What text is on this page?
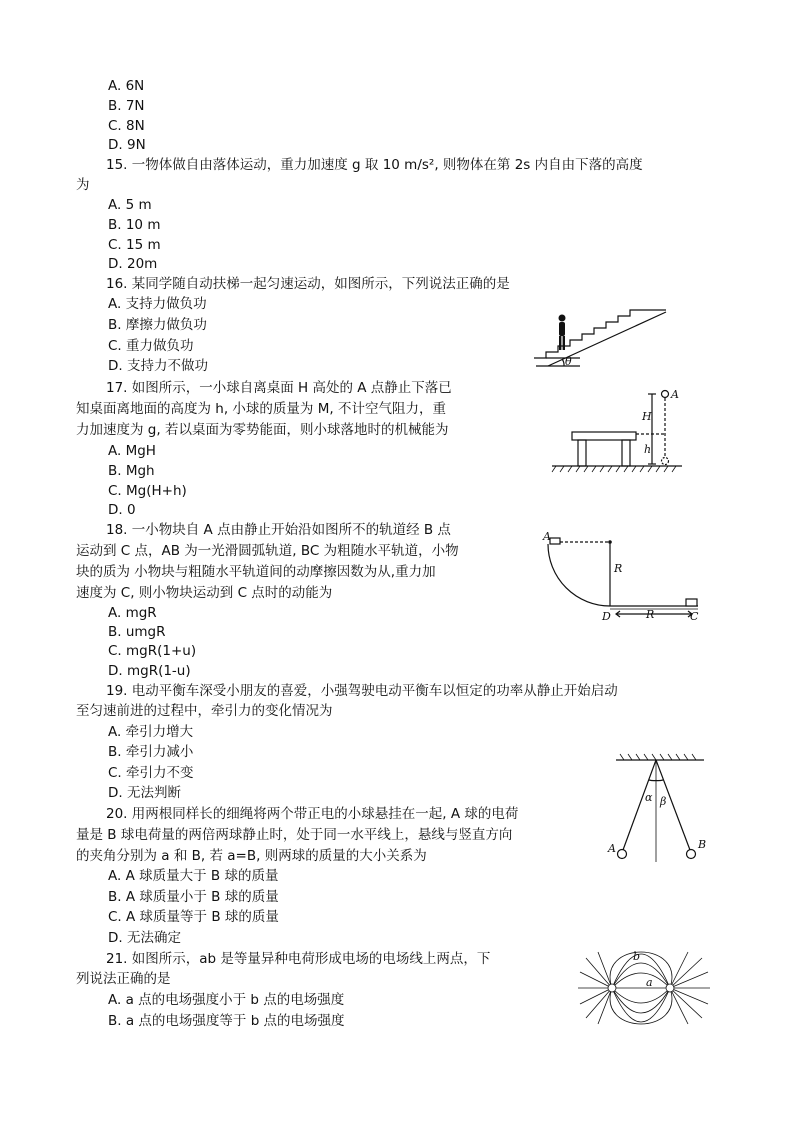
A. 6N
B. 7N
C. 8N
D. 9N
15. 一物体做自由落体运动，重力加速度 g 取 10 m/s², 则物体在第 2s 内自由下落的高度
为
A. 5 m
B. 10 m
C. 15 m
D. 20m
16. 某同学随自动扶梯一起匀速运动，如图所示，下列说法正确的是
A. 支持力做负功
B. 摩擦力做负功
C. 重力做负功
D. 支持力不做功	θ
17. 如图所示，一小球自离桌面 H 高处的 A 点静止下落已
知桌面离地面的高度为 h, 小球的质量为 M, 不计空气阻力，重
力加速度为 g, 若以桌面为零势能面，则小球落地时的机械能为
A. MgH
B. Mgh
C. Mg(H+h)
D. 0
A
H
h
18. 一小物块自 A 点由静止开始沿如图所不的轨道经 B 点
运动到 C 点，AB 为一光滑圆弧轨道, BC 为粗随水平轨道，小物
块的质为 小物块与粗随水平轨道间的动摩擦因数为从,重力加
速度为 C, 则小物块运动到 C 点时的动能为
A. mgR
B. umgR
C. mgR(1+u)
D. mgR(1-u)
A
R
D	R	C
19. 电动平衡车深受小朋友的喜爱，小强驾驶电动平衡车以恒定的功率从静止开始启动
至匀速前进的过程中，牵引力的变化情况为
A. 牵引力增大
B. 牵引力减小
C. 牵引力不变
D. 无法判断
20. 用两根同样长的细绳将两个带正电的小球悬挂在一起, A 球的电荷
量是 B 球电荷量的两倍两球静止时，处于同一水平线上，悬线与竖直方向
的夹角分别为 a 和 B, 若 a=B, 则两球的质量的大小关系为
A. A 球质量大于 B 球的质量
B. A 球质量小于 B 球的质量
C. A 球质量等于 B 球的质量
D. 无法确定
α β
A	B
21. 如图所示，ab 是等量异种电荷形成电场的电场线上两点，下
列说法正确的是
A. a 点的电场强度小于 b 点的电场强度
B. a 点的电场强度等于 b 点的电场强度
b
a
